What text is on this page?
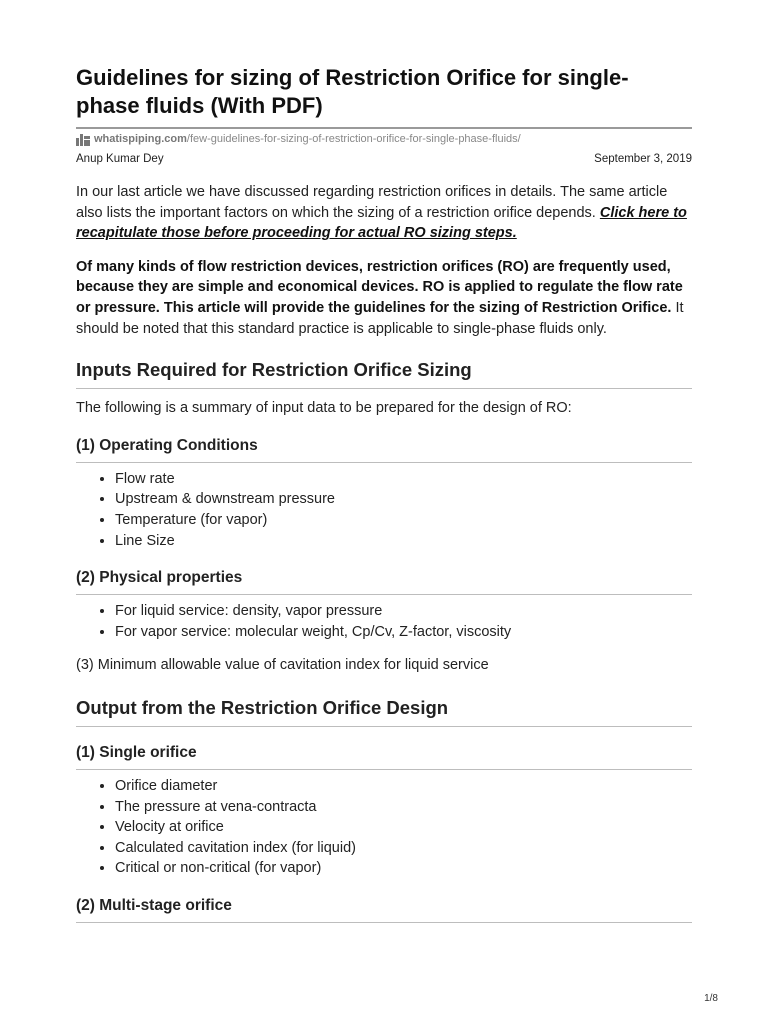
Guidelines for sizing of Restriction Orifice for single-phase fluids (With PDF)
whatispiping.com /few-guidelines-for-sizing-of-restriction-orifice-for-single-phase-fluids/
Anup Kumar Dey	September 3, 2019

In our last article we have discussed regarding restriction orifices in details. The same article also lists the important factors on which the sizing of a restriction orifice depends. Click here to recapitulate those before proceeding for actual RO sizing steps.

Of many kinds of flow restriction devices, restriction orifices (RO) are frequently used, because they are simple and economical devices. RO is applied to regulate the flow rate or pressure. This article will provide the guidelines for the sizing of Restriction Orifice. It should be noted that this standard practice is applicable to single-phase fluids only.

Inputs Required for Restriction Orifice Sizing

The following is a summary of input data to be prepared for the design of RO:

(1) Operating Conditions
• Flow rate
• Upstream & downstream pressure
• Temperature (for vapor)
• Line Size
(2) Physical properties
• For liquid service: density, vapor pressure
• For vapor service: molecular weight, Cp/Cv, Z-factor, viscosity

(3) Minimum allowable value of cavitation index for liquid service

Output from the Restriction Orifice Design
(1) Single orifice
• Orifice diameter
• The pressure at vena-contracta
• Velocity at orifice
• Calculated cavitation index (for liquid)
• Critical or non-critical (for vapor)
(2) Multi-stage orifice
1/8
